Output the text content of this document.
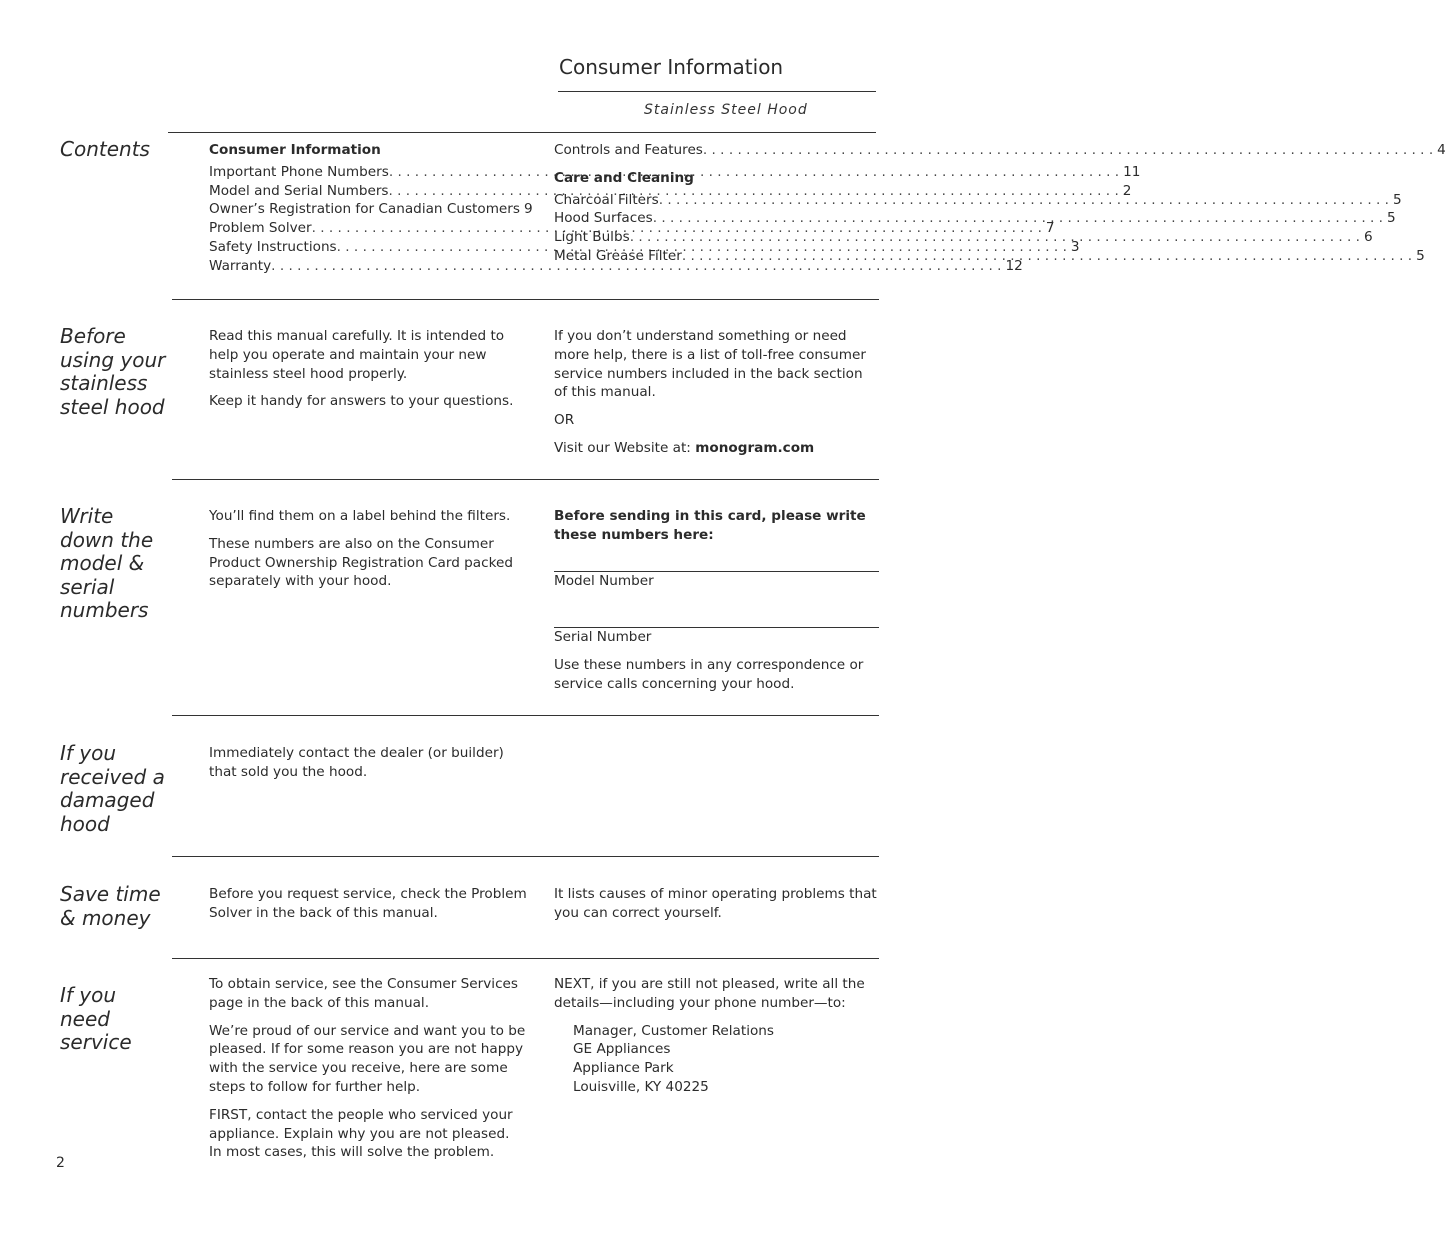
Consumer Information
Stainless Steel Hood
Contents	Consumer Information
Important Phone Numbers . . .	11
Model and Serial Numbers . . .	2
Owner’s Registration for Canadian Customers 9
Problem Solver . . .	7
Safety Instructions . . .	3
Warranty . . .	12
Controls and Features . . .	4
Care and Cleaning
Charcoal Filters . . .	5
Hood Surfaces . . .	5
Light Bulbs . . .	6
Metal Grease Filter . . .	5
Before using your stainless steel hood

Read this manual carefully. It is intended to help you operate and maintain your new stainless steel hood properly.

Keep it handy for answers to your questions.

If you don’t understand something or need more help, there is a list of toll-free consumer service numbers included in the back section of this manual.

OR

Visit our Website at: monogram.com

Write down the model & serial numbers

You’ll find them on a label behind the filters.

These numbers are also on the Consumer Product Ownership Registration Card packed separately with your hood.

Before sending in this card, please write these numbers here:

Model Number

Serial Number

Use these numbers in any correspondence or service calls concerning your hood.

If you received a damaged hood

Immediately contact the dealer (or builder) that sold you the hood.

Save time & money

Before you request service, check the Problem Solver in the back of this manual.

It lists causes of minor operating problems that you can correct yourself.

If you need service

To obtain service, see the Consumer Services page in the back of this manual.

We’re proud of our service and want you to be pleased. If for some reason you are not happy with the service you receive, here are some steps to follow for further help.

FIRST, contact the people who serviced your appliance. Explain why you are not pleased.

In most cases, this will solve the problem.

NEXT, if you are still not pleased, write all the details—including your phone number—to:

Manager, Customer Relations
GE Appliances
Appliance Park
Louisville, KY 40225
2
